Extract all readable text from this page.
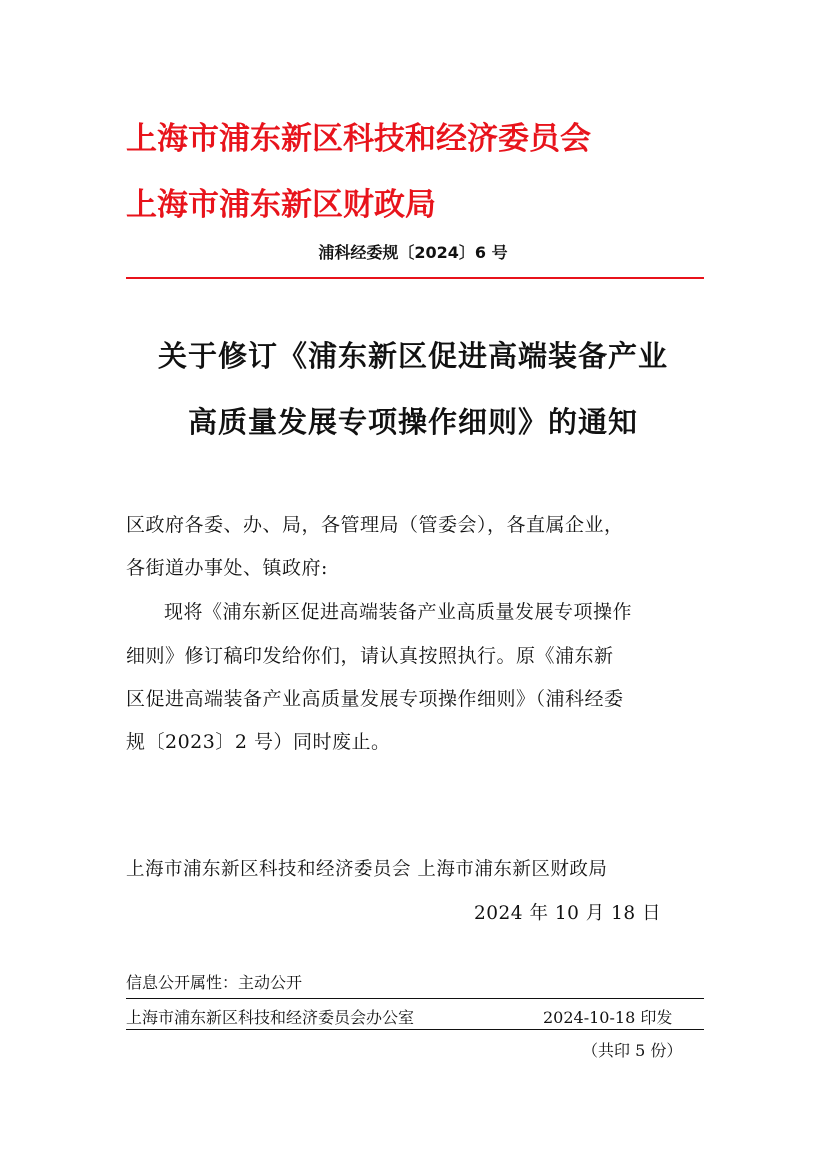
上海市浦东新区科技和经济委员会
上海市浦东新区财政局
浦科经委规〔2024〕6 号
关于修订《浦东新区促进高端装备产业
高质量发展专项操作细则》的通知
区政府各委、办、局，各管理局（管委会），各直属企业，
各街道办事处、镇政府:
现将《浦东新区促进高端装备产业高质量发展专项操作
细则》修订稿印发给你们，请认真按照执行。原《浦东新
区促进高端装备产业高质量发展专项操作细则》（浦科经委
规〔2023〕2 号）同时废止。
上海市浦东新区科技和经济委员会 上海市浦东新区财政局
2024 年 10 月 18 日
信息公开属性：主动公开
上海市浦东新区科技和经济委员会办公室	2024-10-18 印发
（共印 5 份）
